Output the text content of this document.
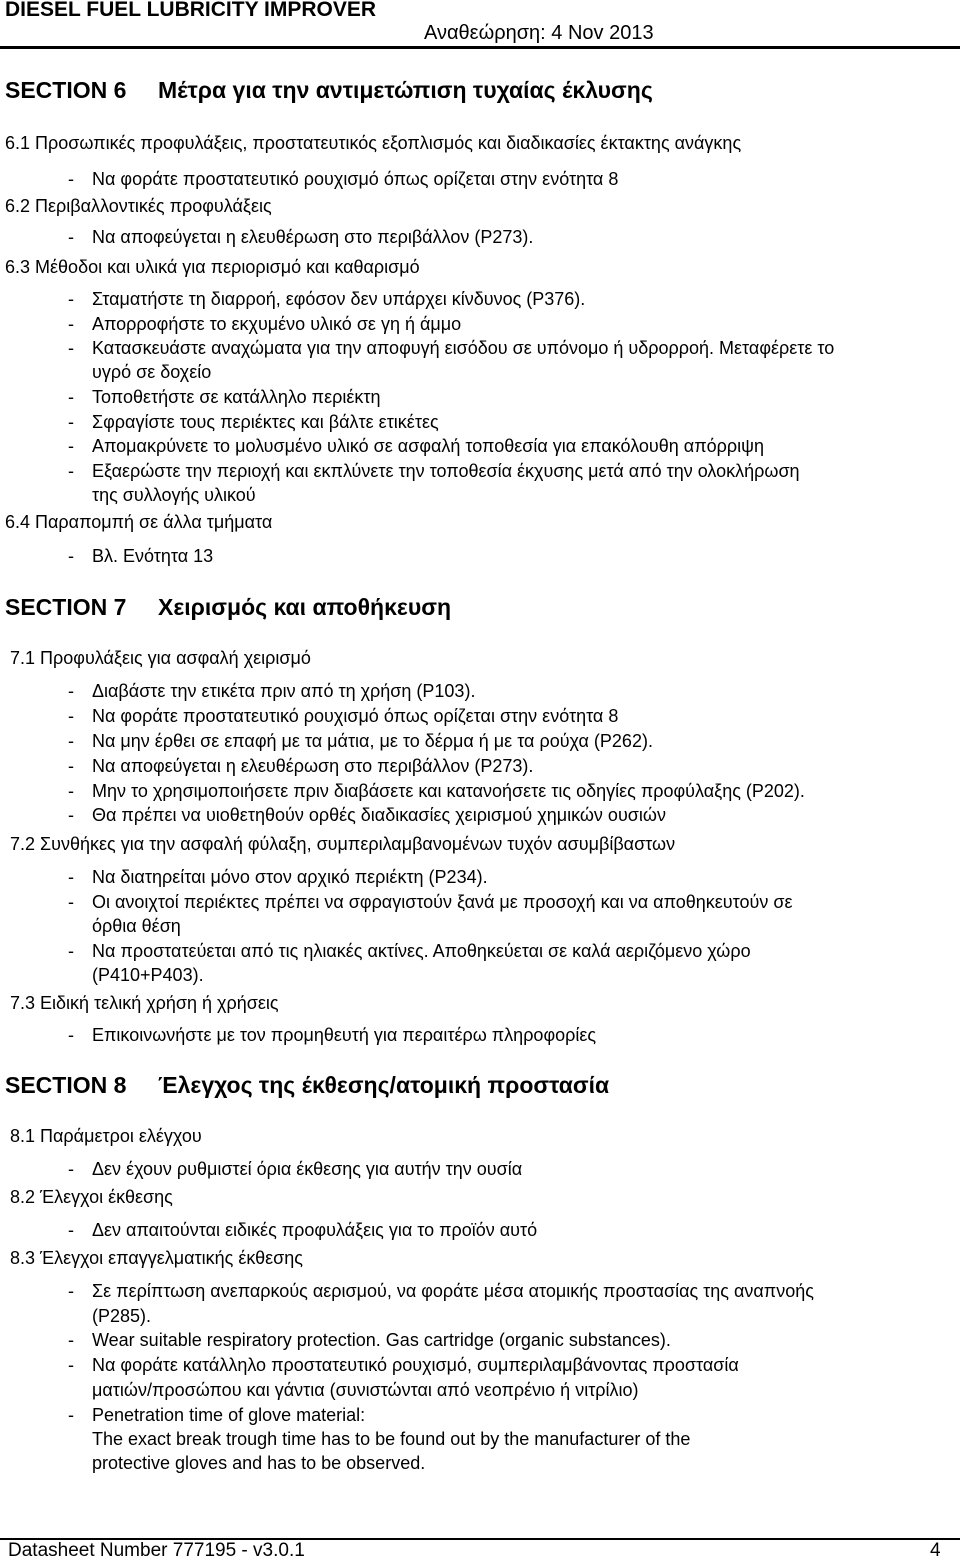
DIESEL FUEL LUBRICITY IMPROVER
Αναθεώρηση: 4 Nov 2013
SECTION 6 Μέτρα για την αντιμετώπιση τυχαίας έκλυσης
6.1 Προσωπικές προφυλάξεις, προστατευτικός εξοπλισμός και διαδικασίες έκτακτης ανάγκης
- Να φοράτε προστατευτικό ρουχισμό όπως ορίζεται στην ενότητα 8
6.2 Περιβαλλοντικές προφυλάξεις
- Να αποφεύγεται η ελευθέρωση στο περιβάλλον (P273).
6.3 Μέθοδοι και υλικά για περιορισμό και καθαρισμό
- Σταματήστε τη διαρροή, εφόσον δεν υπάρχει κίνδυνος (P376).
- Απορροφήστε το εκχυμένο υλικό σε γη ή άμμο
- Κατασκευάστε αναχώματα για την αποφυγή εισόδου σε υπόνομο ή υδρορροή. Μεταφέρετε το
υγρό σε δοχείο
- Τοποθετήστε σε κατάλληλο περιέκτη
- Σφραγίστε τους περιέκτες και βάλτε ετικέτες
- Απομακρύνετε το μολυσμένο υλικό σε ασφαλή τοποθεσία για επακόλουθη απόρριψη
- Εξαερώστε την περιοχή και εκπλύνετε την τοποθεσία έκχυσης μετά από την ολοκλήρωση
της συλλογής υλικού
6.4 Παραπομπή σε άλλα τμήματα
- Βλ. Ενότητα 13
SECTION 7 Χειρισμός και αποθήκευση
7.1 Προφυλάξεις για ασφαλή χειρισμό
- Διαβάστε την ετικέτα πριν από τη χρήση (P103).
- Να φοράτε προστατευτικό ρουχισμό όπως ορίζεται στην ενότητα 8
- Να μην έρθει σε επαφή με τα μάτια, με το δέρμα ή με τα ρούχα (P262).
- Να αποφεύγεται η ελευθέρωση στο περιβάλλον (P273).
- Μην το χρησιμοποιήσετε πριν διαβάσετε και κατανοήσετε τις οδηγίες προφύλαξης (P202).
- Θα πρέπει να υιοθετηθούν ορθές διαδικασίες χειρισμού χημικών ουσιών
7.2 Συνθήκες για την ασφαλή φύλαξη, συμπεριλαμβανομένων τυχόν ασυμβίβαστων
- Να διατηρείται μόνο στον αρχικό περιέκτη (P234).
- Οι ανοιχτοί περιέκτες πρέπει να σφραγιστούν ξανά με προσοχή και να αποθηκευτούν σε
όρθια θέση
- Να προστατεύεται από τις ηλιακές ακτίνες. Αποθηκεύεται σε καλά αεριζόμενο χώρο
(P410+P403).
7.3 Ειδική τελική χρήση ή χρήσεις
- Επικοινωνήστε με τον προμηθευτή για περαιτέρω πληροφορίες
SECTION 8 Έλεγχος της έκθεσης/ατομική προστασία
8.1 Παράμετροι ελέγχου
- Δεν έχουν ρυθμιστεί όρια έκθεσης για αυτήν την ουσία
8.2 Έλεγχοι έκθεσης
- Δεν απαιτούνται ειδικές προφυλάξεις για το προϊόν αυτό
8.3 Έλεγχοι επαγγελματικής έκθεσης
- Σε περίπτωση ανεπαρκούς αερισμού, να φοράτε μέσα ατομικής προστασίας της αναπνοής
(P285).
- Wear suitable respiratory protection. Gas cartridge (organic substances).
- Να φοράτε κατάλληλο προστατευτικό ρουχισμό, συμπεριλαμβάνοντας προστασία
ματιών/προσώπου και γάντια (συνιστώνται από νεοπρένιο ή νιτρίλιο)
- Penetration time of glove material:
The exact break trough time has to be found out by the manufacturer of the
protective gloves and has to be observed.
Datasheet Number 777195 - v3.0.1	4
